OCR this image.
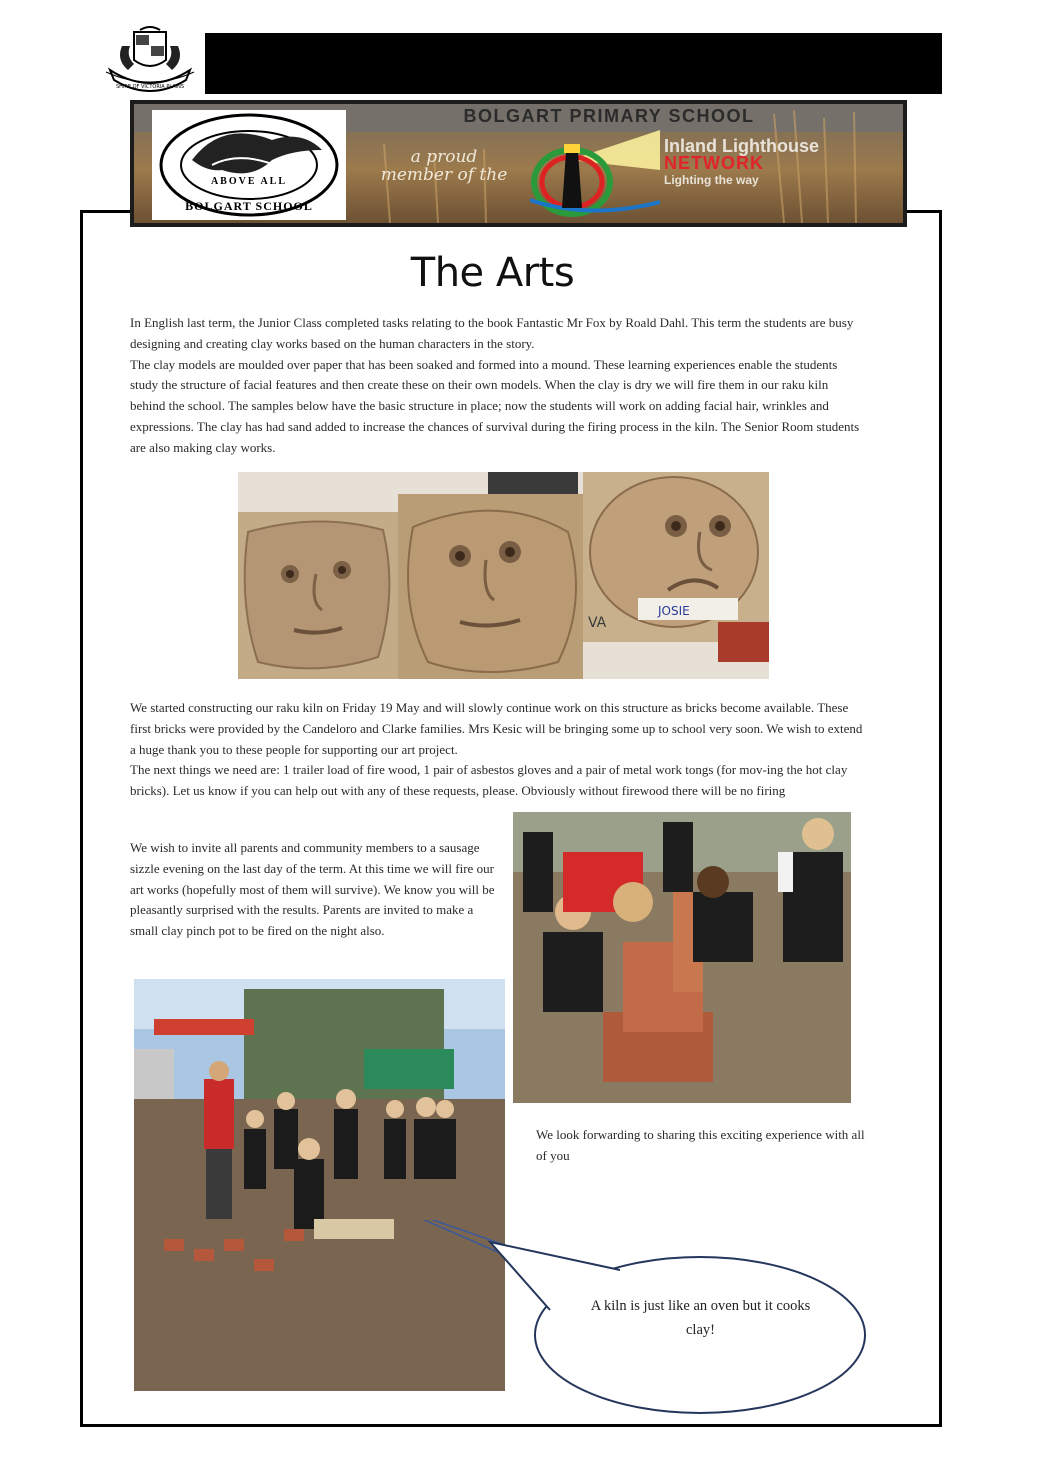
SHIRE OF VICTORIA PLAINS
ABOVE ALL
BOLGART SCHOOL
BOLGART PRIMARY SCHOOL
a proud
member of the
Inland Lighthouse
NETWORK
Lighting the way
The Arts

In English last term, the Junior Class completed tasks relating to the book Fantastic Mr Fox by Roald Dahl. This term the students are busy designing and creating clay works based on the human characters in the story.
The clay models are moulded over paper that has been soaked and formed into a mound. These learning experiences enable the students study the structure of facial features and then create these on their own models. When the clay is dry we will fire them in our raku kiln behind the school. The samples below have the basic structure in place; now the students will work on adding facial hair, wrinkles and expressions. The clay has had sand added to increase the chances of survival during the firing process in the kiln. The Senior Room students are also making clay works.

JOSIE
VA

We started constructing our raku kiln on Friday 19 May and will slowly continue work on this structure as bricks become available. These first bricks were provided by the Candeloro and Clarke families. Mrs Kesic will be bringing some up to school very soon. We wish to extend a huge thank you to these people for supporting our art project.
The next things we need are: 1 trailer load of fire wood, 1 pair of asbestos gloves and a pair of metal work tongs (for mov-ing the hot clay bricks). Let us know if you can help out with any of these requests, please. Obviously without firewood there will be no firing

We wish to invite all parents and community members to a sausage sizzle evening on the last day of the term. At this time we will fire our art works (hopefully most of them will survive). We know you will be pleasantly surprised with the results. Parents are invited to make a small clay pinch pot to be fired on the night also.

We look forwarding to sharing this exciting experience with all of you

A kiln is just like an oven but it cooks clay!
